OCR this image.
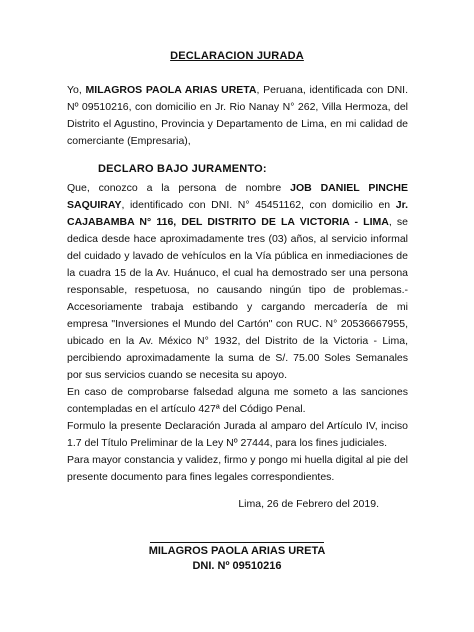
DECLARACION JURADA
Yo, MILAGROS PAOLA ARIAS URETA, Peruana, identificada con DNI. Nº 09510216, con domicilio en Jr. Rio Nanay N° 262, Villa Hermoza, del Distrito el Agustino, Provincia y Departamento de Lima, en mi calidad de comerciante (Empresaria),
DECLARO BAJO JURAMENTO:
Que, conozco a la persona de nombre JOB DANIEL PINCHE SAQUIRAY, identificado con DNI. N° 45451162, con domicilio en Jr. CAJABAMBA N° 116, DEL DISTRITO DE LA VICTORIA - LIMA, se dedica desde hace aproximadamente tres (03) años, al servicio informal del cuidado y lavado de vehículos en la Vía pública en inmediaciones de la cuadra 15 de la Av. Huánuco, el cual ha demostrado ser una persona responsable, respetuosa, no causando ningún tipo de problemas.- Accesoriamente trabaja estibando y cargando mercadería de mi empresa "Inversiones el Mundo del Cartón" con RUC. N° 20536667955, ubicado en la Av. México N° 1932, del Distrito de la Victoria - Lima, percibiendo aproximadamente la suma de S/. 75.00 Soles Semanales por sus servicios cuando se necesita su apoyo.
En caso de comprobarse falsedad alguna me someto a las sanciones contempladas en el artículo 427ª del Código Penal.
Formulo la presente Declaración Jurada al amparo del Artículo IV, inciso 1.7 del Título Preliminar de la Ley Nº 27444, para los fines judiciales.
Para mayor constancia y validez, firmo y pongo mi huella digital al pie del presente documento para fines legales correspondientes.
Lima, 26 de Febrero del 2019.
MILAGROS PAOLA ARIAS URETA
DNI. Nº 09510216
